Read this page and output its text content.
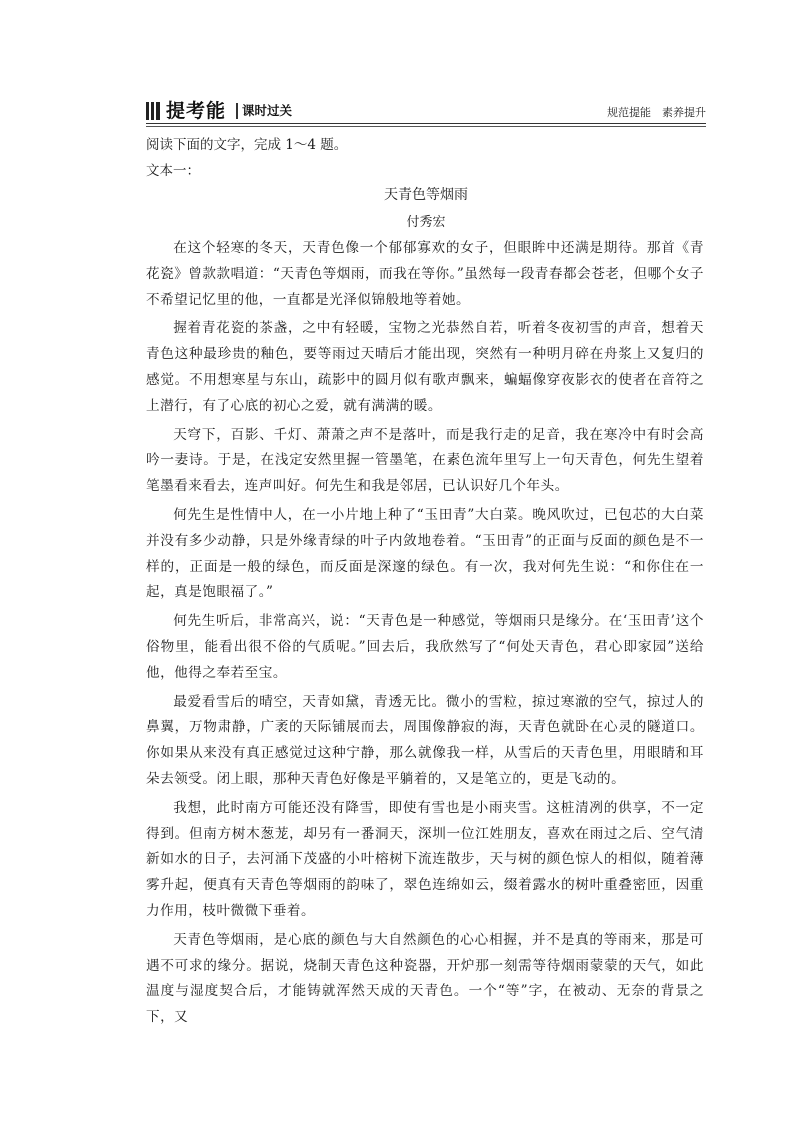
提考能 课时过关	规范提能　素养提升
阅读下面的文字，完成 1～4 题。
文本一：
天青色等烟雨
付秀宏

在这个轻寒的冬天，天青色像一个郁郁寡欢的女子，但眼眸中还满是期待。那首《青花瓷》曾款款唱道：“天青色等烟雨，而我在等你。”虽然每一段青春都会苍老，但哪个女子不希望记忆里的他，一直都是光泽似锦般地等着她。

握着青花瓷的茶盏，之中有轻暖，宝物之光恭然自若，听着冬夜初雪的声音，想着天青色这种最珍贵的釉色，要等雨过天晴后才能出现，突然有一种明月碎在舟浆上又复归的感觉。不用想寒星与东山，疏影中的圆月似有歌声飘来，蝙蝠像穿夜影衣的使者在音符之上潜行，有了心底的初心之爱，就有满满的暖。

天穹下，百影、千灯、萧萧之声不是落叶，而是我行走的足音，我在寒冷中有时会高吟一妻诗。于是，在浅定安然里握一管墨笔，在素色流年里写上一句天青色，何先生望着笔墨看来看去，连声叫好。何先生和我是邻居，已认识好几个年头。

何先生是性情中人，在一小片地上种了“玉田青”大白菜。晚风吹过，已包芯的大白菜并没有多少动静，只是外缘青绿的叶子内敛地卷着。“玉田青”的正面与反面的颜色是不一样的，正面是一般的绿色，而反面是深邃的绿色。有一次，我对何先生说：“和你住在一起，真是饱眼福了。”

何先生听后，非常高兴，说：“天青色是一种感觉，等烟雨只是缘分。在‘玉田青’这个俗物里，能看出很不俗的气质呢。”回去后，我欣然写了“何处天青色，君心即家园”送给他，他得之奉若至宝。

最爱看雪后的晴空，天青如黛，青透无比。微小的雪粒，掠过寒澈的空气，掠过人的鼻翼，万物肃静，广袤的天际铺展而去，周围像静寂的海，天青色就卧在心灵的隧道口。你如果从来没有真正感觉过这种宁静，那么就像我一样，从雪后的天青色里，用眼睛和耳朵去领受。闭上眼，那种天青色好像是平躺着的，又是笔立的，更是飞动的。

我想，此时南方可能还没有降雪，即使有雪也是小雨夹雪。这桩清冽的供享，不一定得到。但南方树木葱茏，却另有一番洞天，深圳一位江姓朋友，喜欢在雨过之后、空气清新如水的日子，去河涌下茂盛的小叶榕树下流连散步，天与树的颜色惊人的相似，随着薄雾升起，便真有天青色等烟雨的韵味了，翠色连绵如云，缀着露水的树叶重叠密匝，因重力作用，枝叶微微下垂着。

天青色等烟雨，是心底的颜色与大自然颜色的心心相握，并不是真的等雨来，那是可遇不可求的缘分。据说，烧制天青色这种瓷器，开炉那一刻需等待烟雨蒙蒙的天气，如此温度与湿度契合后，才能铸就浑然天成的天青色。一个“等”字，在被动、无奈的背景之下，又
